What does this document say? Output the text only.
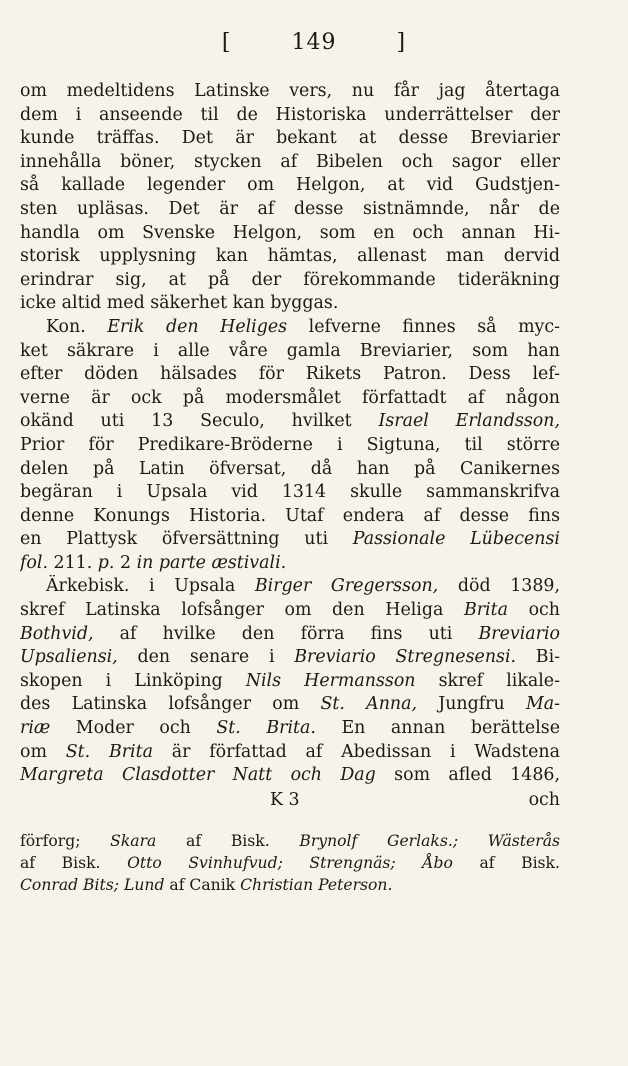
[	149	]
om medeltidens Latinske vers, nu får jag återtaga
dem i anseende til de Historiska underrättelser der
kunde träffas. Det är bekant at desse Breviarier
innehålla böner, stycken af Bibelen och sagor eller
så kallade legender om Helgon, at vid Gudstjen-
sten upläsas. Det är af desse sistnämnde, når de
handla om Svenske Helgon, som en och annan Hi-
storisk upplysning kan hämtas, allenast man dervid
erindrar sig, at på der förekommande tideräkning
icke altid med säkerhet kan byggas.
Kon. Erik den Heliges lefverne finnes så myc-
ket säkrare i alle våre gamla Breviarier, som han
efter döden hälsades för Rikets Patron. Dess lef-
verne är ock på modersmålet författadt af någon
okänd uti 13 Seculo, hvilket Israel Erlandsson,
Prior för Predikare-Bröderne i Sigtuna, til större
delen på Latin öfversat, då han på Canikernes
begäran i Upsala vid 1314 skulle sammanskrifva
denne Konungs Historia. Utaf endera af desse fins
en Plattysk öfversättning uti Passionale Lübecensi
fol. 211. p. 2 in parte æstivali.
Ärkebisk. i Upsala Birger Gregersson, död 1389,
skref Latinska lofsånger om den Heliga Brita och
Bothvid, af hvilke den förra fins uti Breviario
Upsaliensi, den senare i Breviario Stregnesensi. Bi-
skopen i Linköping Nils Hermansson skref likale-
des Latinska lofsånger om St. Anna, Jungfru Ma-
riæ Moder och St. Brita. En annan berättelse
om St. Brita är författad af Abedissan i Wadstena
Margreta Clasdotter Natt och Dag som afled 1486,
K 3	och
förforg; Skara af Bisk. Brynolf Gerlaks.; Wästerås
af Bisk. Otto Svinhufvud; Strengnäs; Åbo af Bisk.
Conrad Bits; Lund af Canik Christian Peterson.
